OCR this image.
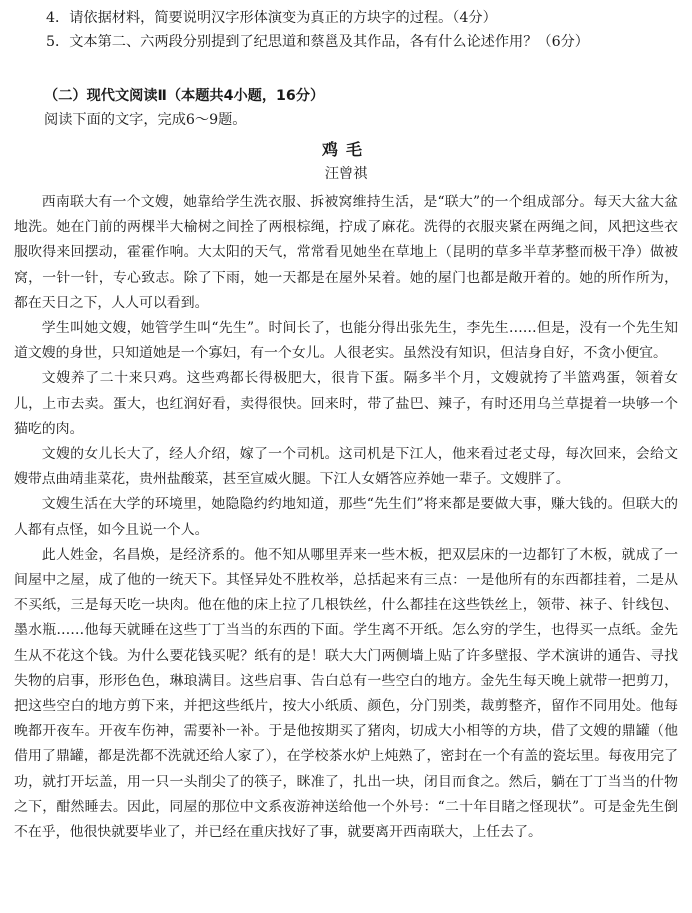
4．请依据材料，简要说明汉字形体演变为真正的方块字的过程。（4分）
5．文本第二、六两段分别提到了纪思道和蔡邕及其作品，各有什么论述作用？（6分）
（二）现代文阅读Ⅱ（本题共4小题，16分）
阅读下面的文字，完成6～9题。
鸡毛
汪曾祺

西南联大有一个文嫂，她靠给学生洗衣服、拆被窝维持生活，是“联大”的一个组成部分。每天大盆大盆地洗。她在门前的两棵半大榆树之间拴了两根棕绳，拧成了麻花。洗得的衣服夹紧在两绳之间，风把这些衣服吹得来回摆动，霍霍作响。大太阳的天气，常常看见她坐在草地上（昆明的草多半草茅整而极干净）做被窝，一针一针，专心致志。除了下雨，她一天都是在屋外呆着。她的屋门也都是敞开着的。她的所作所为，都在天日之下，人人可以看到。

学生叫她文嫂，她管学生叫“先生”。时间长了，也能分得出张先生，李先生……但是，没有一个先生知道文嫂的身世，只知道她是一个寡妇，有一个女儿。人很老实。虽然没有知识，但洁身自好，不贪小便宜。

文嫂养了二十来只鸡。这些鸡都长得极肥大，很肯下蛋。隔多半个月，文嫂就挎了半篮鸡蛋，领着女儿，上市去卖。蛋大，也红润好看，卖得很快。回来时，带了盐巴、辣子，有时还用乌兰草提着一块够一个猫吃的肉。

文嫂的女儿长大了，经人介绍，嫁了一个司机。这司机是下江人，他来看过老丈母，每次回来，会给文嫂带点曲靖韭菜花，贵州盐酸菜，甚至宣威火腿。下江人女婿答应养她一辈子。文嫂胖了。

文嫂生活在大学的环境里，她隐隐约约地知道，那些“先生们”将来都是要做大事，赚大钱的。但联大的人都有点怪，如今且说一个人。

此人姓金，名昌焕，是经济系的。他不知从哪里弄来一些木板，把双层床的一边都钉了木板，就成了一间屋中之屋，成了他的一统天下。其怪异处不胜枚举，总括起来有三点：一是他所有的东西都挂着，二是从不买纸，三是每天吃一块肉。他在他的床上拉了几根铁丝，什么都挂在这些铁丝上，领带、袜子、针线包、墨水瓶……他每天就睡在这些丁丁当当的东西的下面。学生离不开纸。怎么穷的学生，也得买一点纸。金先生从不花这个钱。为什么要花钱买呢？纸有的是！联大大门两侧墙上贴了许多壁报、学术演讲的通告、寻找失物的启事，形形色色，琳琅满目。这些启事、告白总有一些空白的地方。金先生每天晚上就带一把剪刀，把这些空白的地方剪下来，并把这些纸片，按大小纸质、颜色，分门别类，裁剪整齐，留作不同用处。他每晚都开夜车。开夜车伤神，需要补一补。于是他按期买了猪肉，切成大小相等的方块，借了文嫂的鼎罐（他借用了鼎罐，都是洗都不洗就还给人家了），在学校茶水炉上炖熟了，密封在一个有盖的瓷坛里。每夜用完了功，就打开坛盖，用一只一头削尖了的筷子，眯准了，扎出一块，闭目而食之。然后，躺在丁丁当当的什物之下，酣然睡去。因此，同屋的那位中文系夜游神送给他一个外号：“二十年目睹之怪现状”。可是金先生倒不在乎，他很快就要毕业了，并已经在重庆找好了事，就要离开西南联大，上任去了。
